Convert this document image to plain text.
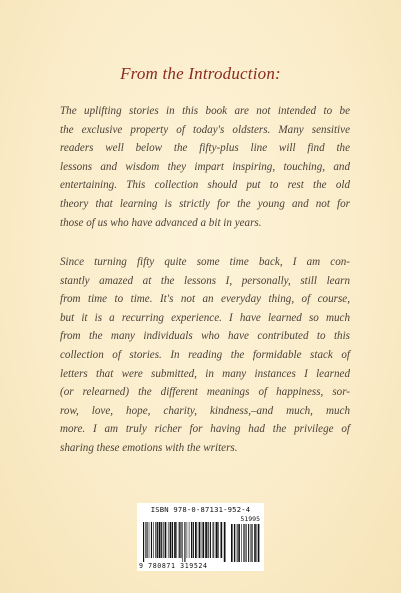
From the Introduction:

The uplifting stories in this book are not intended to be
the exclusive property of today's oldsters. Many sensitive
readers well below the fifty-plus line will find the
lessons and wisdom they impart inspiring, touching, and
entertaining. This collection should put to rest the old
theory that learning is strictly for the young and not for
those of us who have advanced a bit in years.

Since turning fifty quite some time back, I am con-
stantly amazed at the lessons I, personally, still learn
from time to time. It's not an everyday thing, of course,
but it is a recurring experience. I have learned so much
from the many individuals who have contributed to this
collection of stories. In reading the formidable stack of
letters that were submitted, in many instances I learned
(or relearned) the different meanings of happiness, sor-
row, love, hope, charity, kindness,–and much, much
more. I am truly richer for having had the privilege of
sharing these emotions with the writers.

ISBN 978-0-87131-952-4
51995
9 780871 319524
